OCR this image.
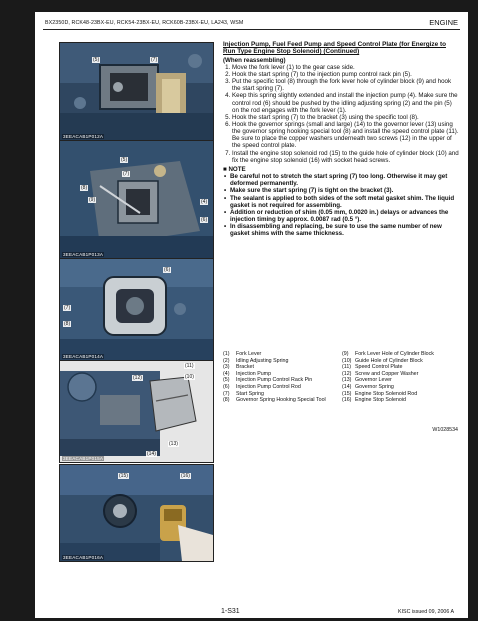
BX2350D, RCK48-23BX-EU, RCK54-23BX-EU, RCK60B-23BX-EU, LA243, WSM	ENGINE
(5)	(7)
3EEACAB1P012A
(5)
(7)
(8)
(9)	(4)
(6)
3EEACAB1P013A
(6)
(7)
(8)
3EEACAB1P014A
(11)
(10)
(12)
(13)
(14)
3EEACAB1P015A
(15)	(16)
3EEACAB1P016A

Injection Pump, Fuel Feed Pump and Speed Control Plate (for Energize to Run Type Engine Stop Solenoid) (Continued)

(When reassembling)

1. Move the fork lever (1) to the gear case side.
2. Hook the start spring (7) to the injection pump control rack pin (5).
3. Put the specific tool (8) through the fork lever hole of cylinder block (9) and hook the start spring (7).
4. Keep this spring slightly extended and install the injection pump (4). Make sure the control rod (6) should be pushed by the idling adjusting spring (2) and the pin (5) on the rod engages with the fork lever (1).
5. Hook the start spring (7) to the bracket (3) using the specific tool (8).
6. Hook the governor springs (small and large) (14) to the governor lever (13) using the governor spring hooking special tool (8) and install the speed control plate (11). Be sure to place the copper washers underneath two screws (12) in the upper of the speed control plate.
7. Install the engine stop solenoid rod (15) to the guide hole of cylinder block (10) and fix the engine stop solenoid (16) with socket head screws.

■ NOTE

• Be careful not to stretch the start spring (7) too long. Otherwise it may get deformed permanently.
• Make sure the start spring (7) is tight on the bracket (3).
• The sealant is applied to both sides of the soft metal gasket shim. The liquid gasket is not required for assembling.
• Addition or reduction of shim (0.05 mm, 0.0020 in.) delays or advances the injection timing by approx. 0.0087 rad (0.5 °).
• In disassembling and replacing, be sure to use the same number of new gasket shims with the same thickness.
(1)	Fork Lever
(2)	Idling Adjusting Spring
(3)	Bracket
(4)	Injection Pump
(5)	Injection Pump Control Rack Pin
(6)	Injection Pump Control Rod
(7)	Start Spring
(8)	Governor Spring Hooking Special Tool
(9)	Fork Lever Hole of Cylinder Block
(10) Guide Hole of Cylinder Block
(11) Speed Control Plate
(12) Screw and Copper Washer
(13) Governor Lever
(14) Governor Spring
(15) Engine Stop Solenoid Rod
(16) Engine Stop Solenoid
W1028534
1-S31	KISC issued 09, 2006 A
